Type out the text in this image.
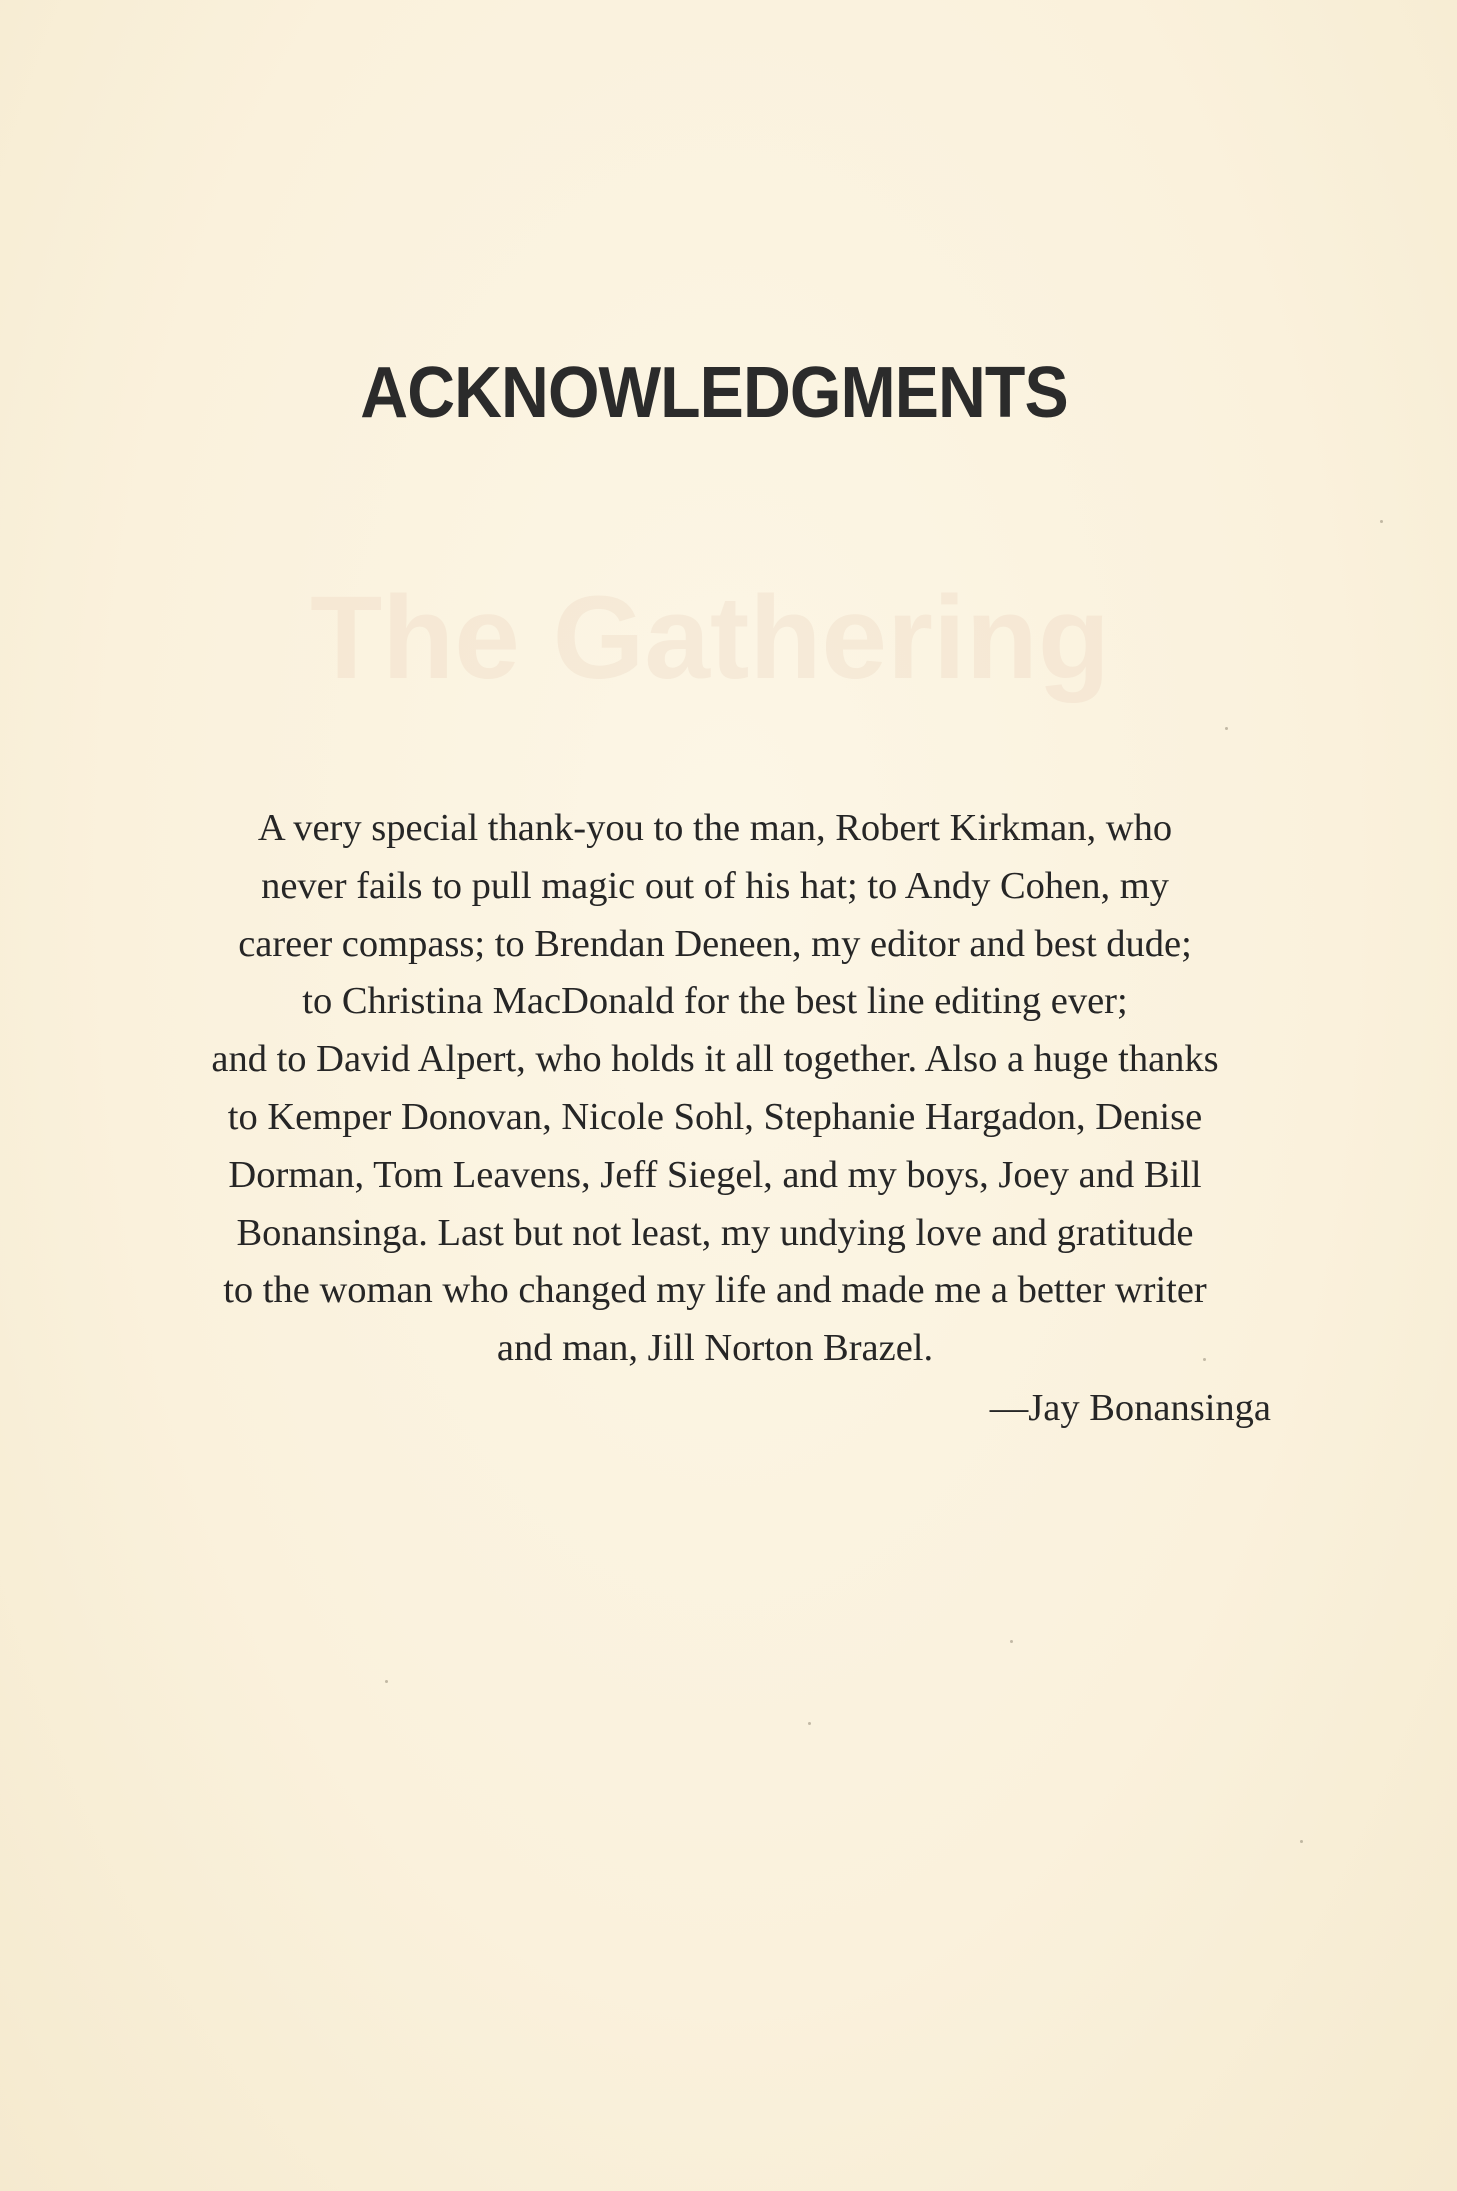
ACKNOWLEDGMENTS
The Gathering

A very special thank-you to the man, Robert Kirkman, who
never fails to pull magic out of his hat; to Andy Cohen, my
career compass; to Brendan Deneen, my editor and best dude;
to Christina MacDonald for the best line editing ever;
and to David Alpert, who holds it all together. Also a huge thanks
to Kemper Donovan, Nicole Sohl, Stephanie Hargadon, Denise
Dorman, Tom Leavens, Jeff Siegel, and my boys, Joey and Bill
Bonansinga. Last but not least, my undying love and gratitude
to the woman who changed my life and made me a better writer
and man, Jill Norton Brazel.

—Jay Bonansinga
